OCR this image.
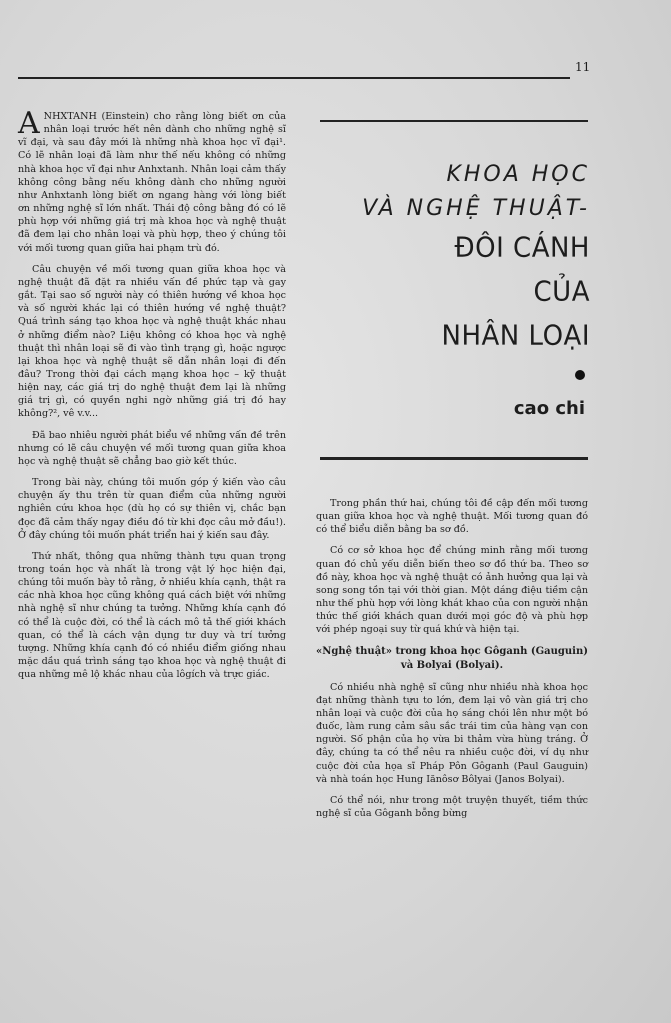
11

ANHXTANH (Einstein) cho rằng lòng biết ơn của nhân loại trước hết nên dành cho những nghệ sĩ vĩ đại, và sau đây mới là những nhà khoa học vĩ đại¹. Có lẽ nhân loại đã làm như thế nếu không có những nhà khoa học vĩ đại như Anhxtanh. Nhân loại cảm thấy không công bằng nếu không dành cho những người như Anhxtanh lòng biết ơn ngang hàng với lòng biết ơn những nghệ sĩ lớn nhất. Thái độ công bằng đó có lẽ phù hợp với những giá trị mà khoa học và nghệ thuật đã đem lại cho nhân loại và phù hợp, theo ý chúng tôi với mối tương quan giữa hai phạm trù đó.

Câu chuyện về mối tương quan giữa khoa học và nghệ thuật đã đặt ra nhiều vấn đề phức tạp và gay gắt. Tại sao số người này có thiên hướng về khoa học và số người khác lại có thiên hướng về nghệ thuật? Quá trình sáng tạo khoa học và nghệ thuật khác nhau ở những điểm nào? Liệu không có khoa học và nghệ thuật thì nhân loại sẽ đi vào tình trạng gì, hoặc ngược lại khoa học và nghệ thuật sẽ dẫn nhân loại đi đến đâu? Trong thời đại cách mạng khoa học – kỹ thuật hiện nay, các giá trị do nghệ thuật đem lại là những giá trị gì, có quyền nghi ngờ những giá trị đó hay không?², vê v.v...

Đã bao nhiêu người phát biểu về những vấn đề trên nhưng có lẽ câu chuyện về mối tương quan giữa khoa học và nghệ thuật sẽ chẳng bao giờ kết thúc.

Trong bài này, chúng tôi muốn góp ý kiến vào câu chuyện ấy thu trên từ quan điểm của những người nghiên cứu khoa học (dù họ có sự thiên vị, chắc bạn đọc đã cảm thấy ngay điều đó từ khi đọc câu mở đầu!). Ở đây chúng tôi muốn phát triển hai ý kiến sau đây.

Thứ nhất, thông qua những thành tựu quan trọng trong toán học và nhất là trong vật lý học hiện đại, chúng tôi muốn bày tỏ rằng, ở nhiều khía cạnh, thật ra các nhà khoa học cũng không quá cách biệt với những nhà nghệ sĩ như chúng ta tưởng. Những khía cạnh đó có thể là cuộc đời, có thể là cách mô tả thế giới khách quan, có thể là cách vận dụng tư duy và trí tưởng tượng. Những khía cạnh đó có nhiều điểm giống nhau mặc dầu quá trình sáng tạo khoa học và nghệ thuật đi qua những mê lộ khác nhau của lôgích và trực giác.

KHOA HỌC
VÀ NGHỆ THUẬT-
ĐÔI CÁNH
CỦA
NHÂN LOẠI
cao chi

Trong phần thứ hai, chúng tôi đề cập đến mối tương quan giữa khoa học và nghệ thuật. Mối tương quan đó có thể biểu diễn bằng ba sơ đồ.

Có cơ sở khoa học để chúng minh rằng mối tương quan đó chủ yếu diễn biến theo sơ đồ thứ ba. Theo sơ đồ này, khoa học và nghệ thuật có ảnh hưởng qua lại và song song tồn tại với thời gian. Một dáng điệu tiềm cận như thế phù hợp với lòng khát khao của con người nhận thức thế giới khách quan dưới mọi góc độ và phù hợp với phép ngoại suy từ quá khứ và hiện tại.

«Nghệ thuật» trong khoa học Gôganh (Gauguin) và Bolyai (Bolyai).

Có nhiều nhà nghệ sĩ cũng như nhiều nhà khoa học đạt những thành tựu to lớn, đem lại vô vàn giá trị cho nhân loại và cuộc đời của họ sáng chói lên như một bó đuốc, làm rung cảm sâu sắc trái tim của hàng vạn con người. Số phận của họ vừa bi thảm vừa hùng tráng. Ở đây, chúng ta có thể nêu ra nhiều cuộc đời, ví dụ như cuộc đời của họa sĩ Pháp Pôn Gôganh (Paul Gauguin) và nhà toán học Hung Iănôsơ Bôlyai (Janos Bolyai).

Có thể nói, như trong một truyện thuyết, tiềm thức nghệ sĩ của Gôganh bỗng bừng
